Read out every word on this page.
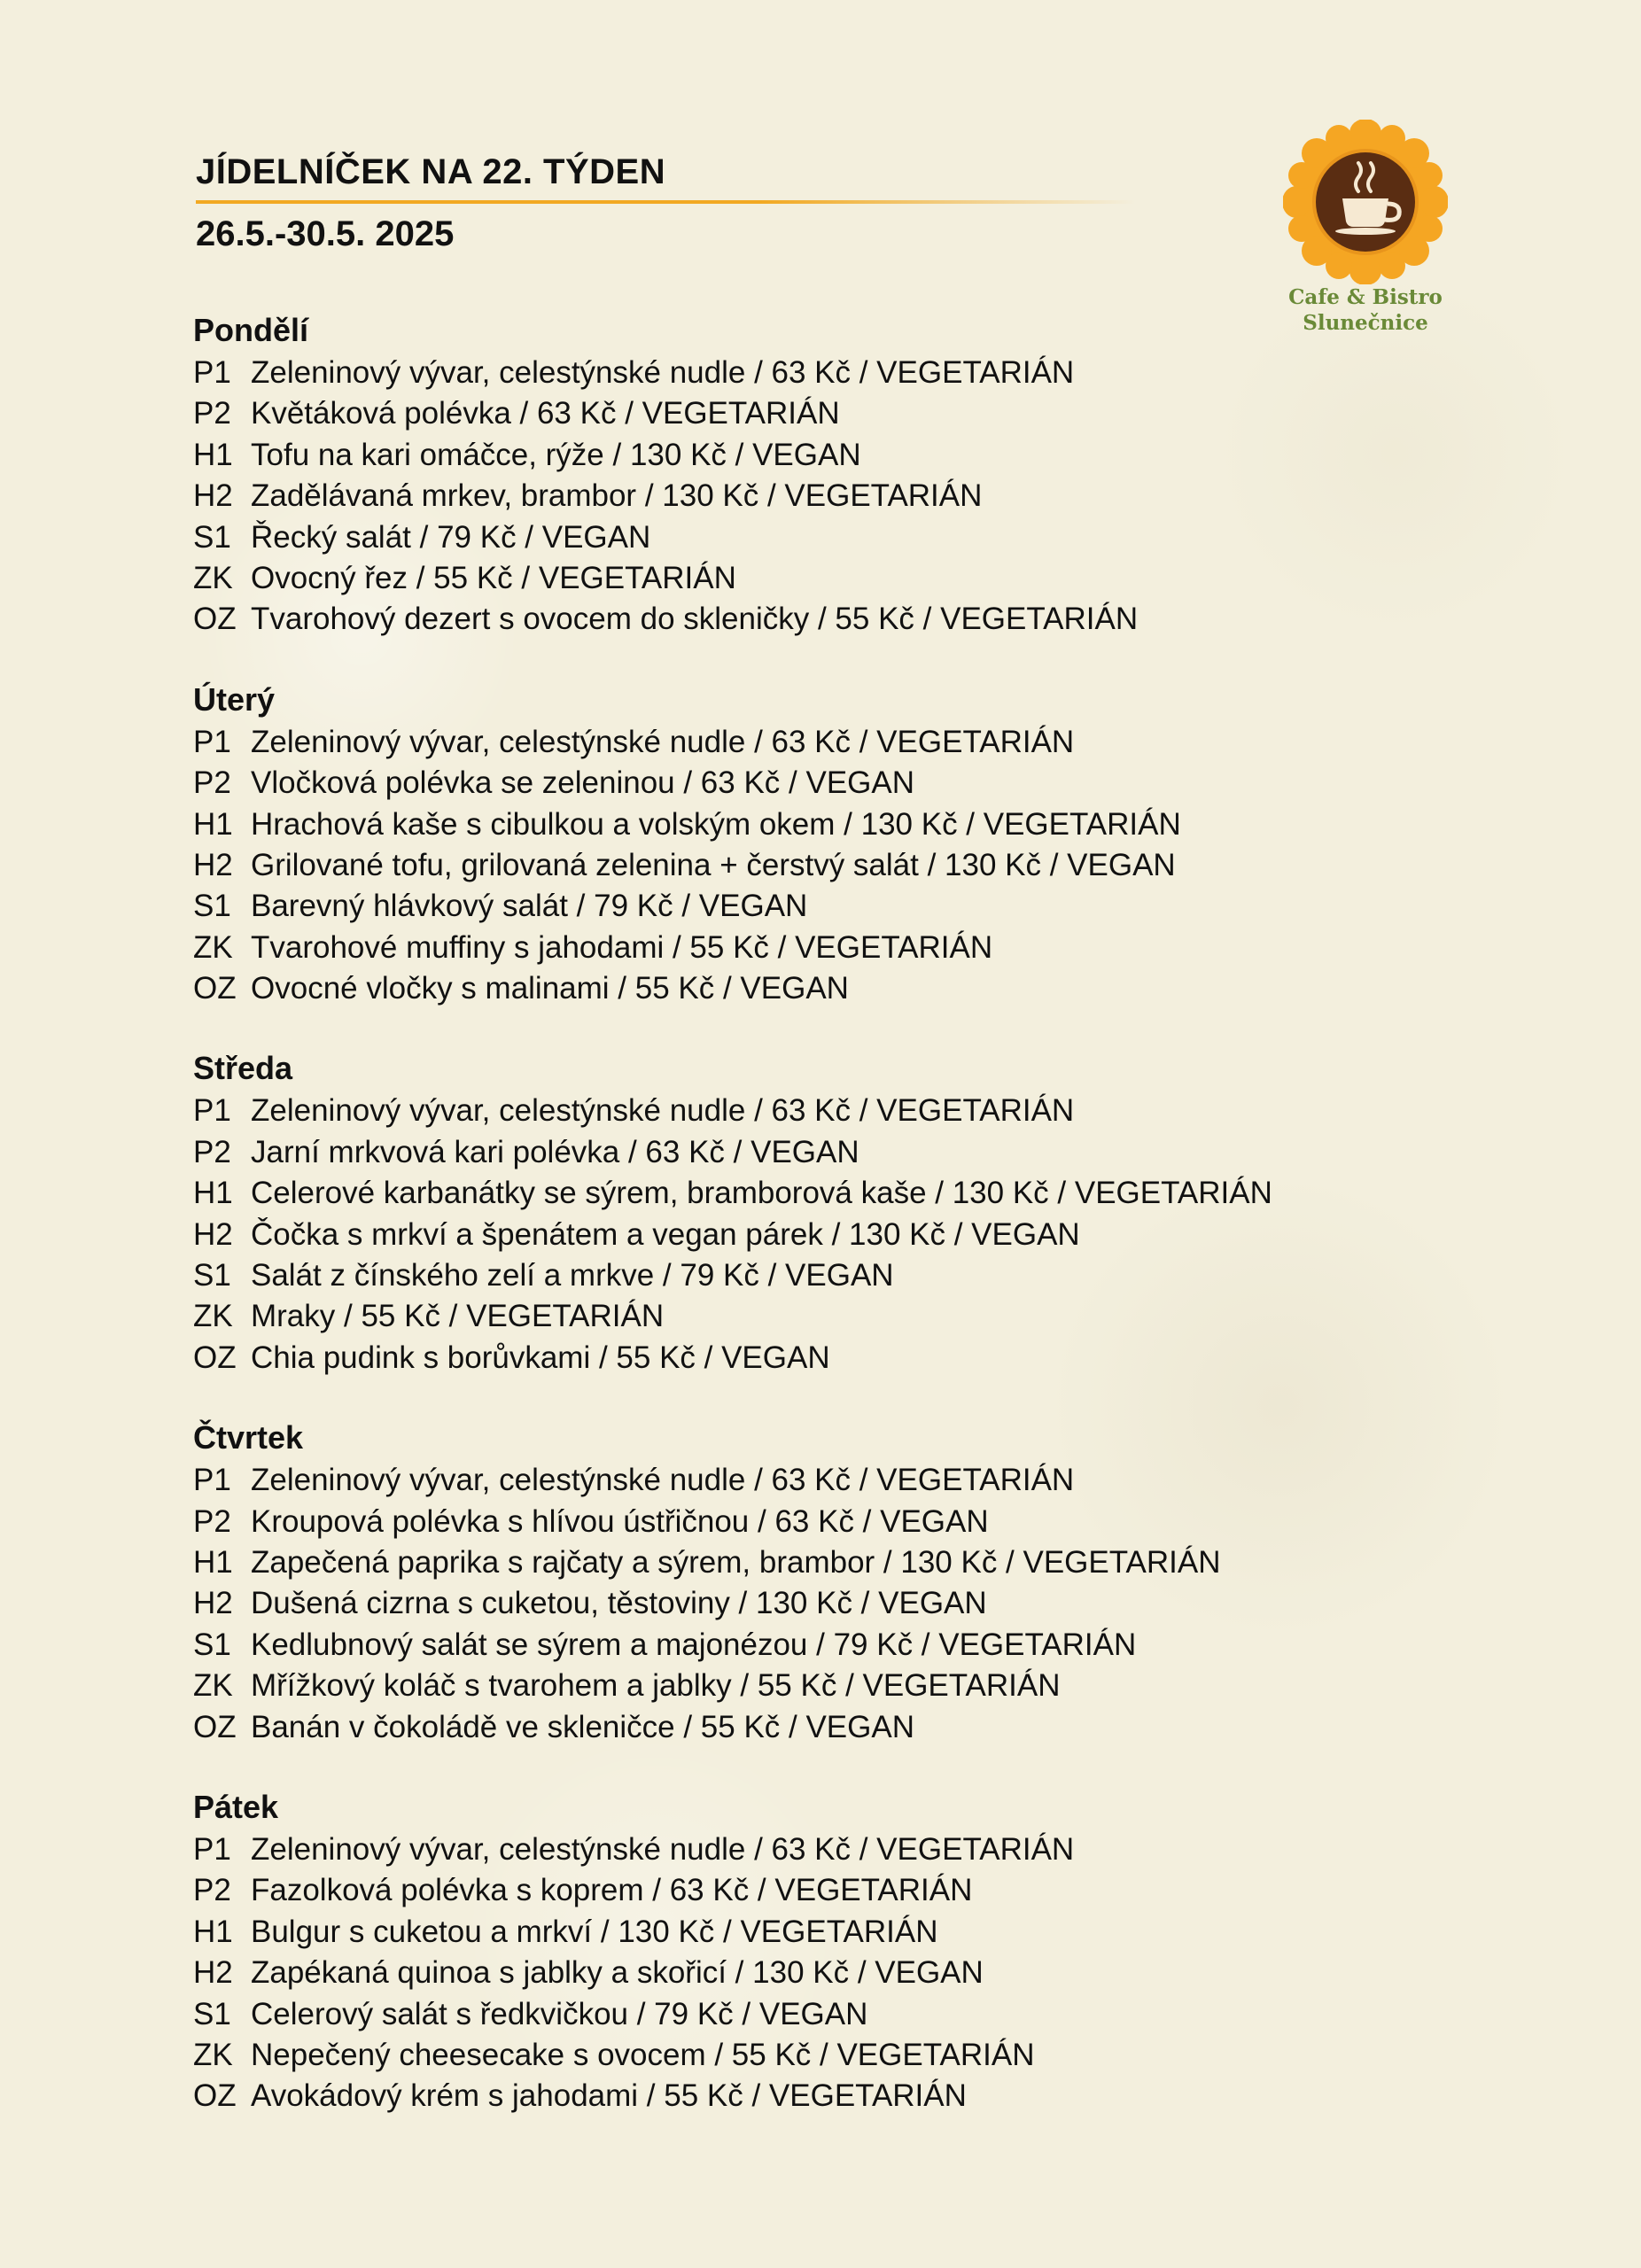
JÍDELNÍČEK NA 22. TÝDEN
26.5.-30.5. 2025
Cafe & Bistro
Slunečnice
Pondělí
P1 Zeleninový vývar, celestýnské nudle / 63 Kč / VEGETARIÁN
P2 Květáková polévka / 63 Kč / VEGETARIÁN
H1 Tofu na kari omáčce, rýže / 130 Kč / VEGAN
H2 Zadělávaná mrkev, brambor / 130 Kč / VEGETARIÁN
S1 Řecký salát / 79 Kč / VEGAN
ZK Ovocný řez / 55 Kč / VEGETARIÁN
OZ Tvarohový dezert s ovocem do skleničky / 55 Kč / VEGETARIÁN
Úterý
P1 Zeleninový vývar, celestýnské nudle / 63 Kč / VEGETARIÁN
P2 Vločková polévka se zeleninou / 63 Kč / VEGAN
H1 Hrachová kaše s cibulkou a volským okem / 130 Kč / VEGETARIÁN
H2 Grilované tofu, grilovaná zelenina + čerstvý salát / 130 Kč / VEGAN
S1 Barevný hlávkový salát / 79 Kč / VEGAN
ZK Tvarohové muffiny s jahodami / 55 Kč / VEGETARIÁN
OZ Ovocné vločky s malinami / 55 Kč / VEGAN
Středa
P1 Zeleninový vývar, celestýnské nudle / 63 Kč / VEGETARIÁN
P2 Jarní mrkvová kari polévka / 63 Kč / VEGAN
H1 Celerové karbanátky se sýrem, bramborová kaše / 130 Kč / VEGETARIÁN
H2 Čočka s mrkví a špenátem a vegan párek / 130 Kč / VEGAN
S1 Salát z čínského zelí a mrkve / 79 Kč / VEGAN
ZK Mraky / 55 Kč / VEGETARIÁN
OZ Chia pudink s borůvkami / 55 Kč / VEGAN
Čtvrtek
P1 Zeleninový vývar, celestýnské nudle / 63 Kč / VEGETARIÁN
P2 Kroupová polévka s hlívou ústřičnou / 63 Kč / VEGAN
H1 Zapečená paprika s rajčaty a sýrem, brambor / 130 Kč / VEGETARIÁN
H2 Dušená cizrna s cuketou, těstoviny / 130 Kč / VEGAN
S1 Kedlubnový salát se sýrem a majonézou / 79 Kč / VEGETARIÁN
ZK Mřížkový koláč s tvarohem a jablky / 55 Kč / VEGETARIÁN
OZ Banán v čokoládě ve skleničce / 55 Kč / VEGAN
Pátek
P1 Zeleninový vývar, celestýnské nudle / 63 Kč / VEGETARIÁN
P2 Fazolková polévka s koprem / 63 Kč / VEGETARIÁN
H1 Bulgur s cuketou a mrkví / 130 Kč / VEGETARIÁN
H2 Zapékaná quinoa s jablky a skořicí / 130 Kč / VEGAN
S1 Celerový salát s ředkvičkou / 79 Kč / VEGAN
ZK Nepečený cheesecake s ovocem / 55 Kč / VEGETARIÁN
OZ Avokádový krém s jahodami / 55 Kč / VEGETARIÁN
